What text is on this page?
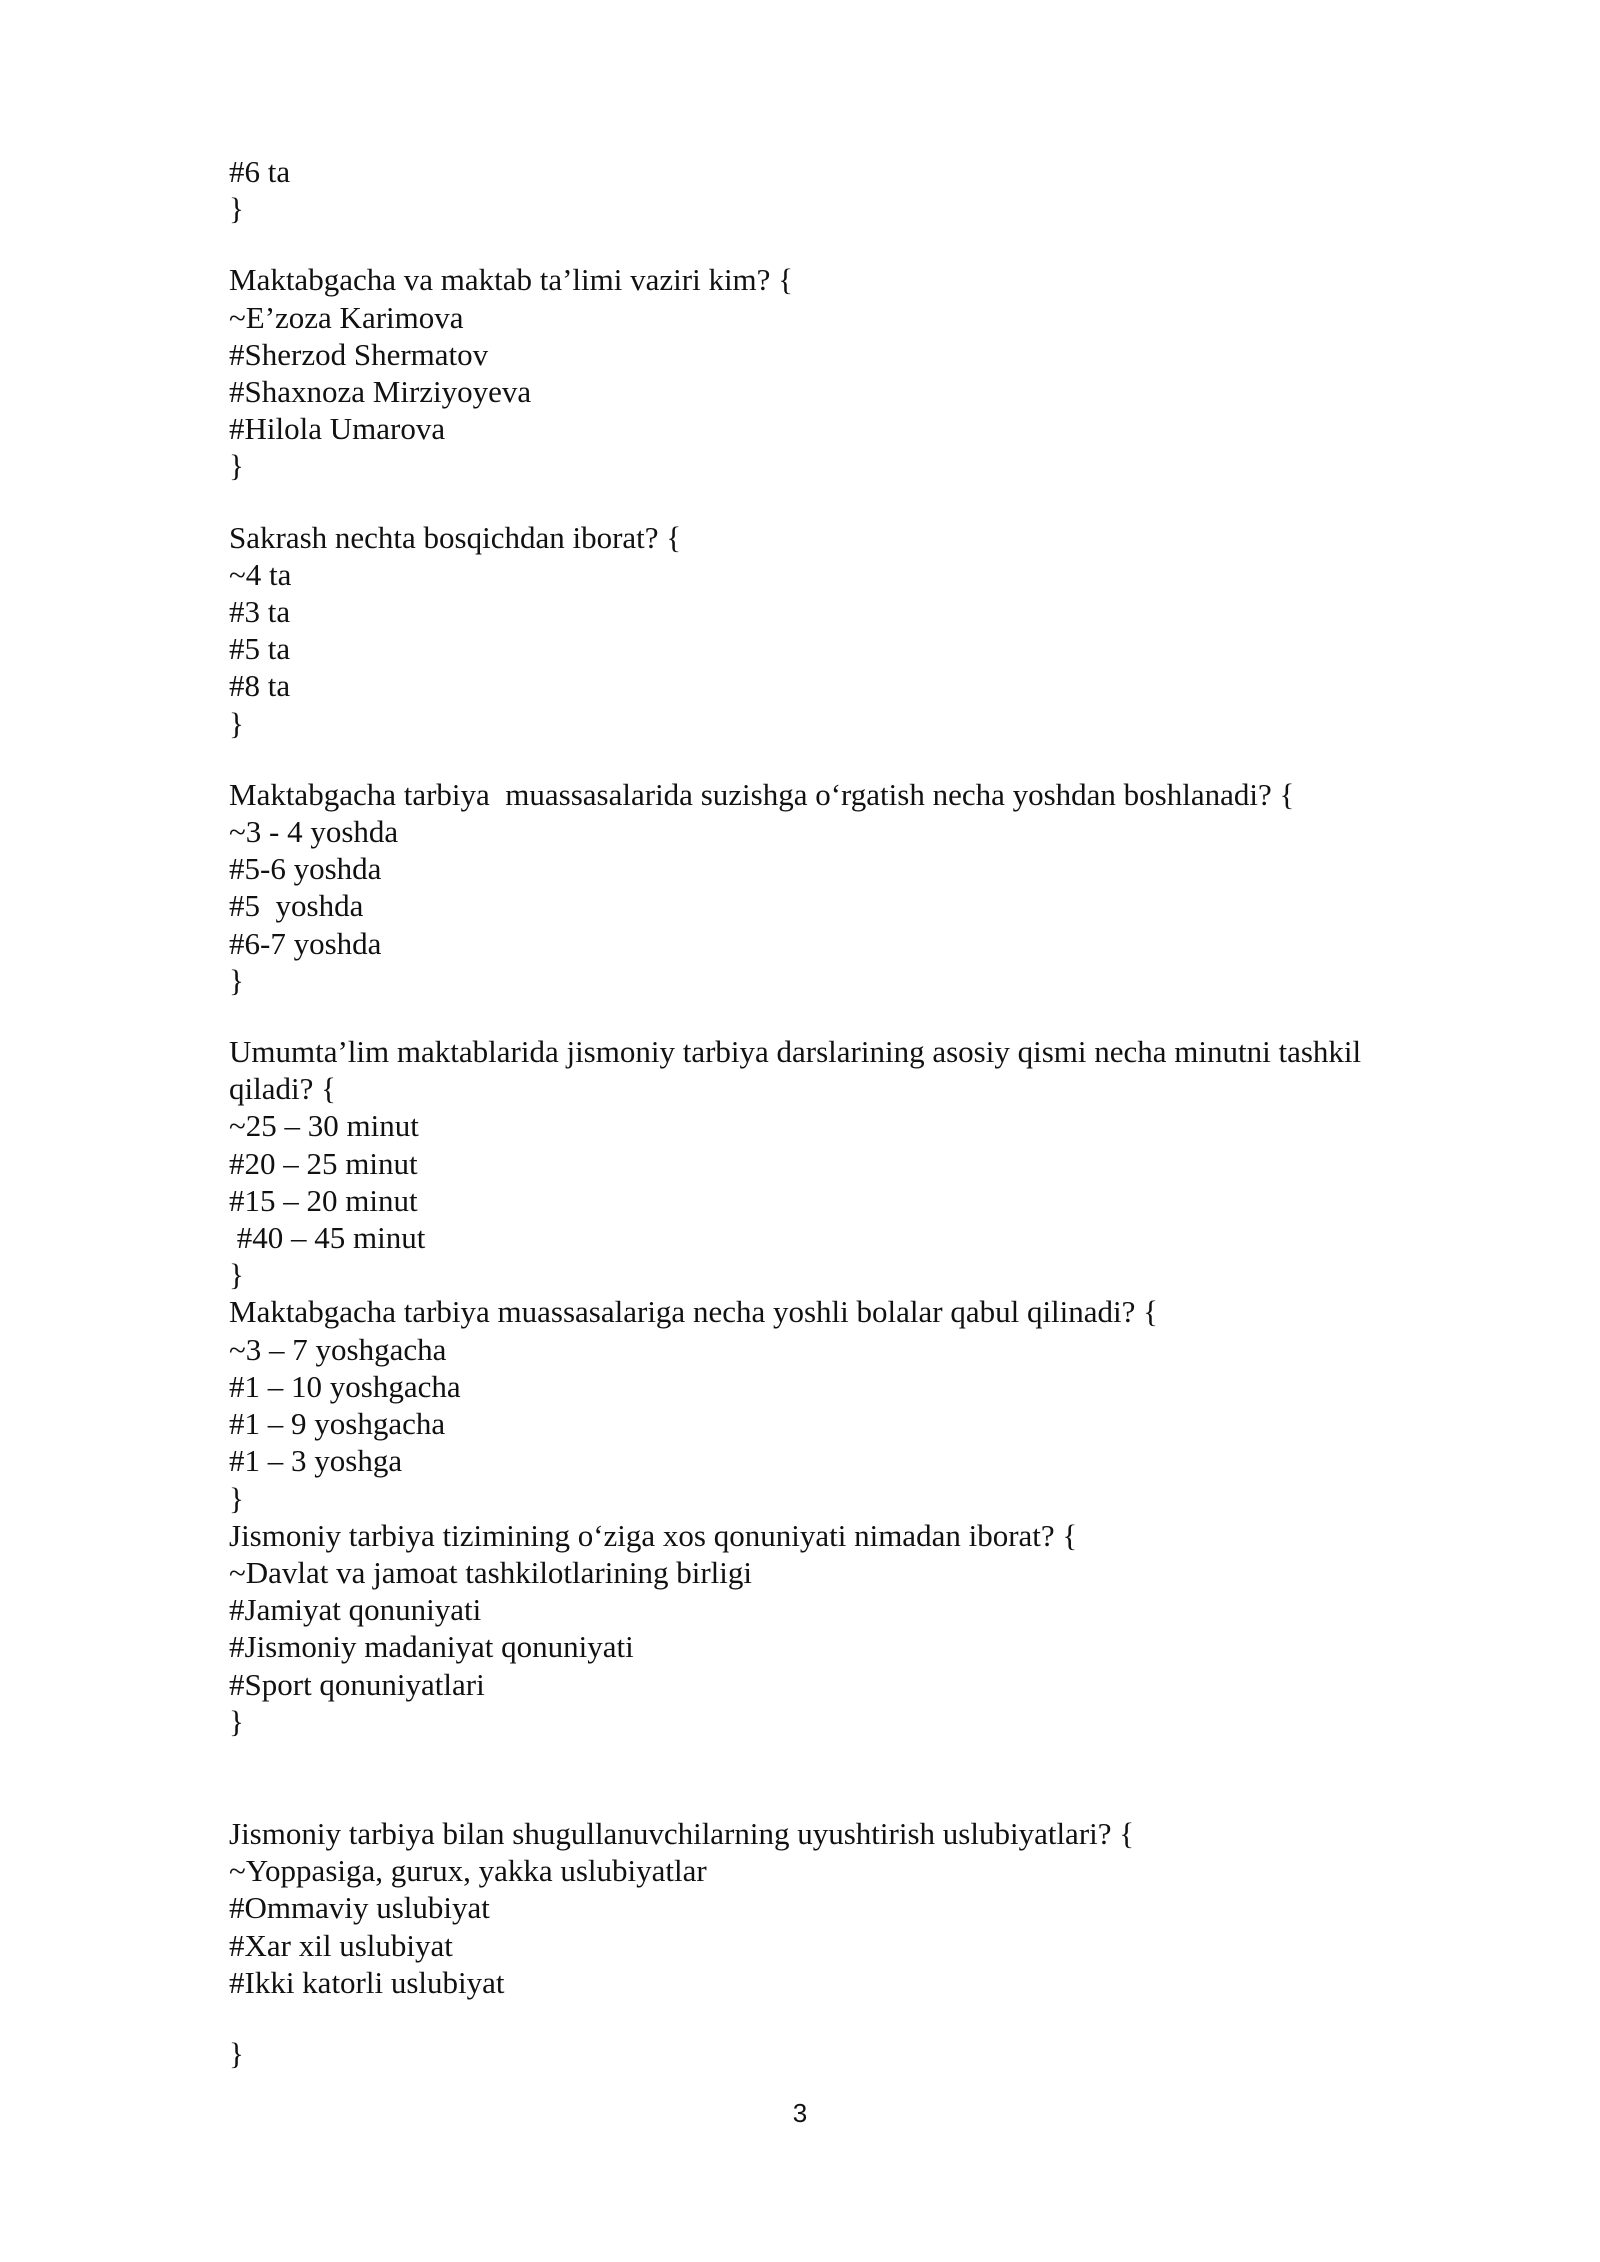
#6 ta
}
Maktabgacha va maktab ta’limi vaziri kim? {
~E’zoza Karimova
#Sherzod Shermatov
#Shaxnoza Mirziyoyeva
#Hilola Umarova
}
Sakrash nechta bosqichdan iborat? {
~4 ta
#3 ta
#5 ta
#8 ta
}
Maktabgacha tarbiya  muassasalarida suzishga o‘rgatish necha yoshdan boshlanadi? {
~3 - 4 yoshda
#5-6 yoshda
#5  yoshda
#6-7 yoshda
}
Umumta’lim maktablarida jismoniy tarbiya darslarining asosiy qismi necha minutni tashkil qiladi? {
~25 – 30 minut
#20 – 25 minut
#15 – 20 minut
#40 – 45 minut
}
Maktabgacha tarbiya muassasalariga necha yoshli bolalar qabul qilinadi? {
~3 – 7 yoshgacha
#1 – 10 yoshgacha
#1 – 9 yoshgacha
#1 – 3 yoshga
}
Jismoniy tarbiya tizimining o‘ziga xos qonuniyati nimadan iborat? {
~Davlat va jamoat tashkilotlarining birligi
#Jamiyat qonuniyati
#Jismoniy madaniyat qonuniyati
#Sport qonuniyatlari
}
Jismoniy tarbiya bilan shugullanuvchilarning uyushtirish uslubiyatlari? {
~Yoppasiga, gurux, yakka uslubiyatlar
#Ommaviy uslubiyat
#Xar xil uslubiyat
#Ikki katorli uslubiyat
}
3
